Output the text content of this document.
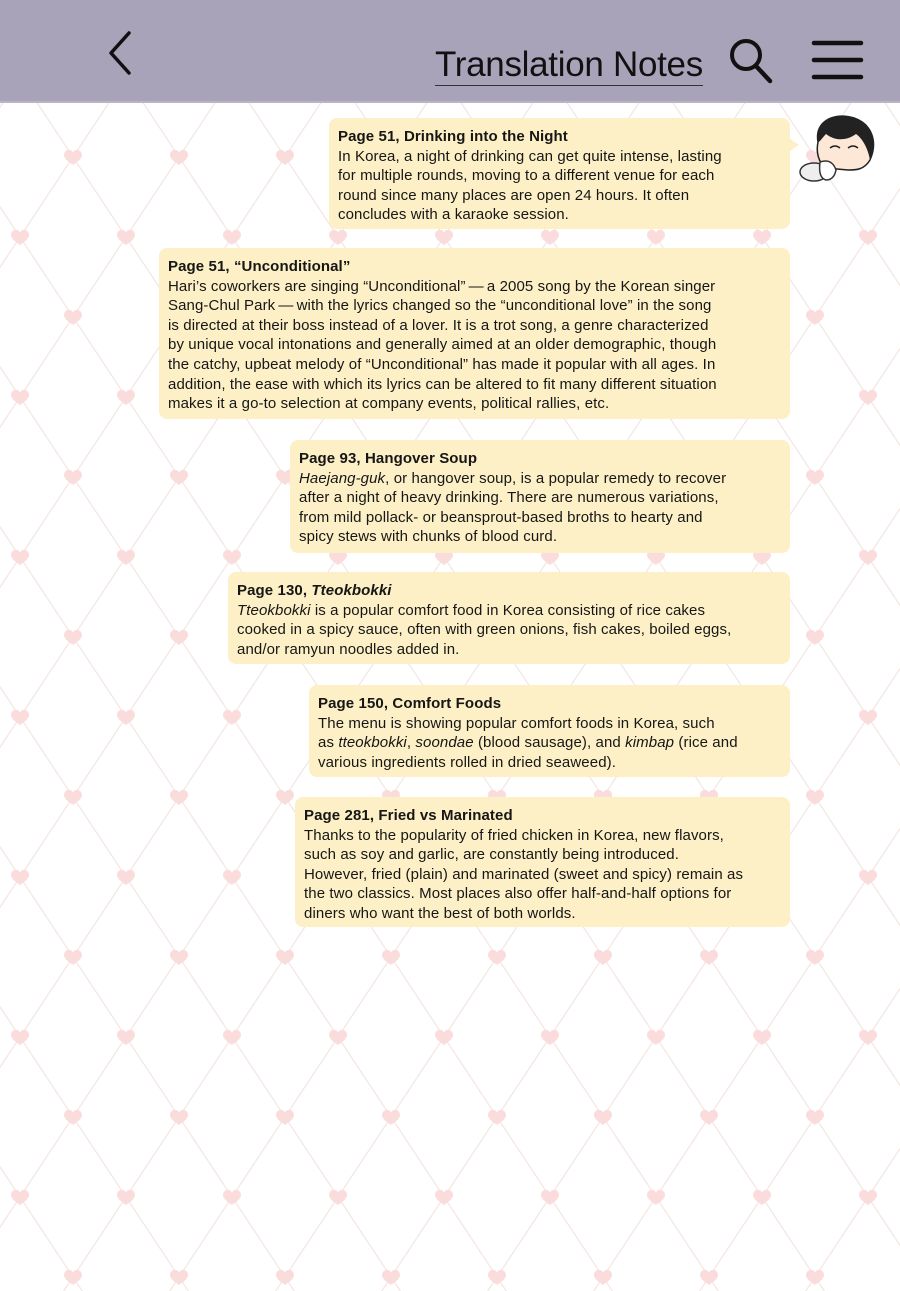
Translation Notes
Page 51, Drinking into the Night
In Korea, a night of drinking can get quite intense, lasting
for multiple rounds, moving to a different venue for each
round since many places are open 24 hours. It often
concludes with a karaoke session.
Page 51, “Unconditional”
Hari’s coworkers are singing “Unconditional” — a 2005 song by the Korean singer
Sang-Chul Park — with the lyrics changed so the “unconditional love” in the song
is directed at their boss instead of a lover. It is a trot song, a genre characterized
by unique vocal intonations and generally aimed at an older demographic, though
the catchy, upbeat melody of “Unconditional” has made it popular with all ages. In
addition, the ease with which its lyrics can be altered to fit many different situation
makes it a go-to selection at company events, political rallies, etc.
Page 93, Hangover Soup
Haejang-guk, or hangover soup, is a popular remedy to recover
after a night of heavy drinking. There are numerous variations,
from mild pollack- or beansprout-based broths to hearty and
spicy stews with chunks of blood curd.
Page 130, Tteokbokki
Tteokbokki is a popular comfort food in Korea consisting of rice cakes
cooked in a spicy sauce, often with green onions, fish cakes, boiled eggs,
and/or ramyun noodles added in.
Page 150, Comfort Foods
The menu is showing popular comfort foods in Korea, such
as tteokbokki, soondae (blood sausage), and kimbap (rice and
various ingredients rolled in dried seaweed).
Page 281, Fried vs Marinated
Thanks to the popularity of fried chicken in Korea, new flavors,
such as soy and garlic, are constantly being introduced.
However, fried (plain) and marinated (sweet and spicy) remain as
the two classics. Most places also offer half-and-half options for
diners who want the best of both worlds.
